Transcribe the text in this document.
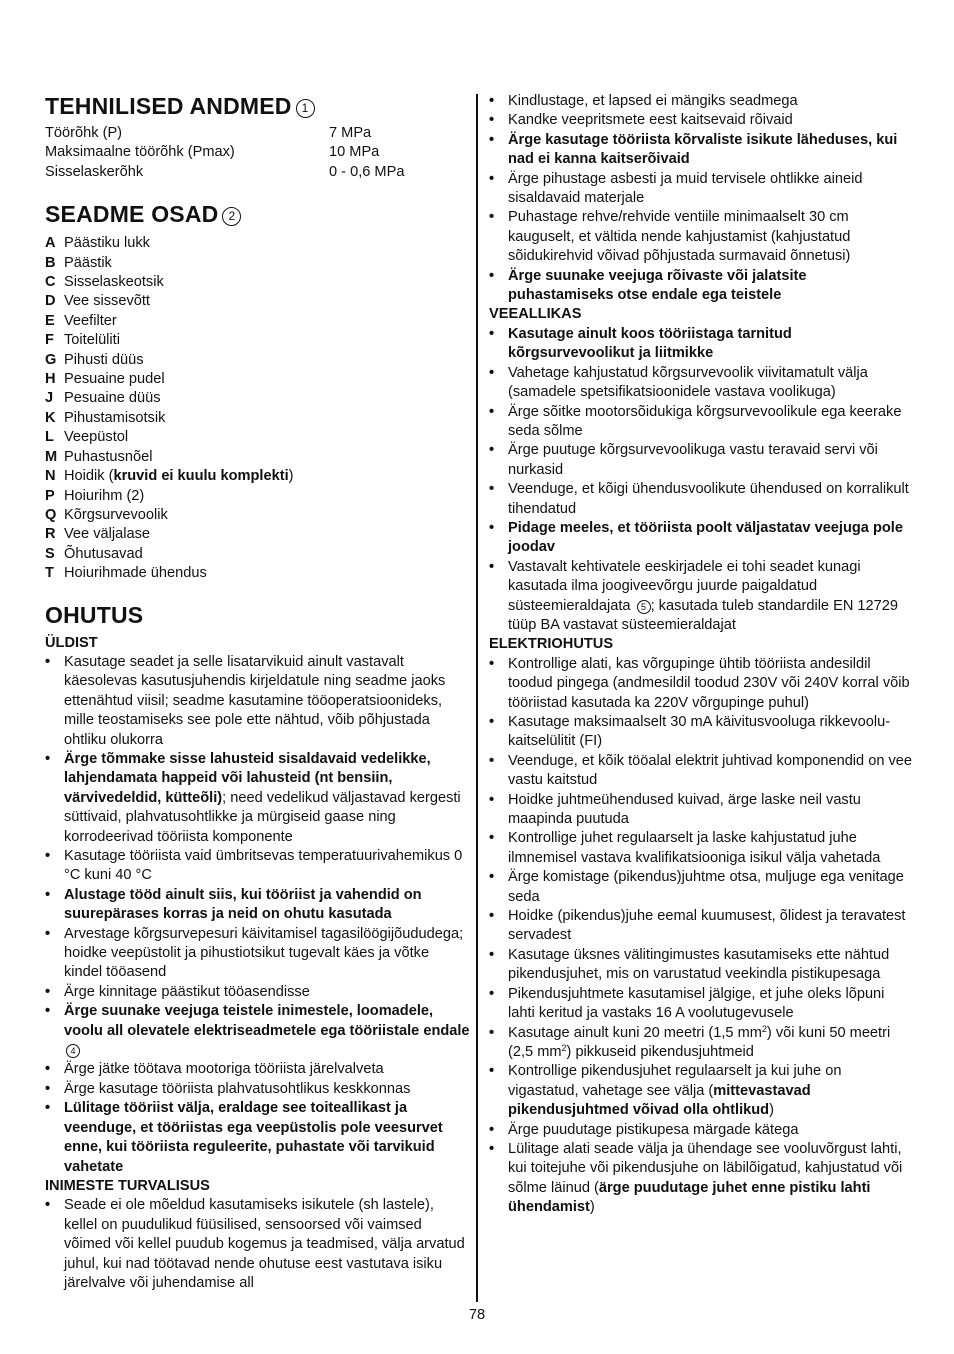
TEHNILISED ANDMED 1
Töörõhk (P)	7 MPa
Maksimaalne töörõhk (Pmax)	10 MPa
Sisselaskerõhk	0 - 0,6 MPa
SEADME OSAD 2
A Päästiku lukk
B Päästik
C Sisselaskeotsik
D Vee sissevõtt
E Veefilter
F Toitelüliti
G Pihusti düüs
H Pesuaine pudel
J Pesuaine düüs
K Pihustamisotsik
L Veepüstol
M Puhastusnõel
N Hoidik (kruvid ei kuulu komplekti)
P Hoiurihm (2)
Q Kõrgsurvevoolik
R Vee väljalase
S Õhutusavad
T Hoiurihmade ühendus
OHUTUS
ÜLDIST
• Kasutage seadet ja selle lisatarvikuid ainult vastavalt käesolevas kasutusjuhendis kirjeldatule ning seadme jaoks ettenähtud viisil; seadme kasutamine tööoperatsioonideks, mille teostamiseks see pole ette nähtud, võib põhjustada ohtliku olukorra
• Ärge tõmmake sisse lahusteid sisaldavaid vedelikke, lahjendamata happeid või lahusteid (nt bensiin, värvivedeldid, kütteõli); need vedelikud väljastavad kergesti süttivaid, plahvatusohtlikke ja mürgiseid gaase ning korrodeerivad tööriista komponente
• Kasutage tööriista vaid ümbritsevas temperatuurivahemikus 0 °C kuni 40 °C
• Alustage tööd ainult siis, kui tööriist ja vahendid on suurepärases korras ja neid on ohutu kasutada
• Arvestage kõrgsurvepesuri käivitamisel tagasilöögijõududega; hoidke veepüstolit ja pihustiotsikut tugevalt käes ja võtke kindel tööasend
• Ärge kinnitage päästikut tööasendisse
• Ärge suunake veejuga teistele inimestele, loomadele, voolu all olevatele elektriseadmetele ega tööriistale endale 4
• Ärge jätke töötava mootoriga tööriista järelvalveta
• Ärge kasutage tööriista plahvatusohtlikus keskkonnas
• Lülitage tööriist välja, eraldage see toiteallikast ja veenduge, et tööriistas ega veepüstolis pole veesurvet enne, kui tööriista reguleerite, puhastate või tarvikuid vahetate
INIMESTE TURVALISUS
• Seade ei ole mõeldud kasutamiseks isikutele (sh lastele), kellel on puudulikud füüsilised, sensoorsed või vaimsed võimed või kellel puudub kogemus ja teadmised, välja arvatud juhul, kui nad töötavad nende ohutuse eest vastutava isiku järelvalve või juhendamise all
• Kindlustage, et lapsed ei mängiks seadmega
• Kandke veepritsmete eest kaitsevaid rõivaid
• Ärge kasutage tööriista kõrvaliste isikute läheduses, kui nad ei kanna kaitserõivaid
• Ärge pihustage asbesti ja muid tervisele ohtlikke aineid sisaldavaid materjale
• Puhastage rehve/rehvide ventiile minimaalselt 30 cm kauguselt, et vältida nende kahjustamist (kahjustatud sõidukirehvid võivad põhjustada surmavaid õnnetusi)
• Ärge suunake veejuga rõivaste või jalatsite puhastamiseks otse endale ega teistele
VEEALLIKAS
• Kasutage ainult koos tööriistaga tarnitud kõrgsurvevoolikut ja liitmikke
• Vahetage kahjustatud kõrgsurvevoolik viivitamatult välja (samadele spetsifikatsioonidele vastava voolikuga)
• Ärge sõitke mootorsõidukiga kõrgsurvevoolikule ega keerake seda sõlme
• Ärge puutuge kõrgsurvevoolikuga vastu teravaid servi või nurkasid
• Veenduge, et kõigi ühendusvoolikute ühendused on korralikult tihendatud
• Pidage meeles, et tööriista poolt väljastatav veejuga pole joodav
• Vastavalt kehtivatele eeskirjadele ei tohi seadet kunagi kasutada ilma joogiveevõrgu juurde paigaldatud süsteemieraldajata 5 ; kasutada tuleb standardile EN 12729 tüüp BA vastavat süsteemieraldajat
ELEKTRIOHUTUS
• Kontrollige alati, kas võrgupinge ühtib tööriista andesildil toodud pingega (andmesildil toodud 230V või 240V korral võib tööriistad kasutada ka 220V võrgupinge puhul)
• Kasutage maksimaalselt 30 mA käivitusvooluga rikkevoolu-kaitselülitit (FI)
• Veenduge, et kõik tööalal elektrit juhtivad komponendid on vee vastu kaitstud
• Hoidke juhtmeühendused kuivad, ärge laske neil vastu maapinda puutuda
• Kontrollige juhet regulaarselt ja laske kahjustatud juhe ilmnemisel vastava kvalifikatsiooniga isikul välja vahetada
• Ärge komistage (pikendus)juhtme otsa, muljuge ega venitage seda
• Hoidke (pikendus)juhe eemal kuumusest, õlidest ja teravatest servadest
• Kasutage üksnes välitingimustes kasutamiseks ette nähtud pikendusjuhet, mis on varustatud veekindla pistikupesaga
• Pikendusjuhtmete kasutamisel jälgige, et juhe oleks lõpuni lahti keritud ja vastaks 16 A voolutugevusele
• Kasutage ainult kuni 20 meetri (1,5 $mm^2$) või kuni 50 meetri (2,5 $mm^2$) pikkuseid pikendusjuhtmeid
• Kontrollige pikendusjuhet regulaarselt ja kui juhe on vigastatud, vahetage see välja (mittevastavad pikendusjuhtmed võivad olla ohtlikud)
• Ärge puudutage pistikupesa märgade kätega
• Lülitage alati seade välja ja ühendage see vooluvõrgust lahti, kui toitejuhe või pikendusjuhe on läbilõigatud, kahjustatud või sõlme läinud (ärge puudutage juhet enne pistiku lahti ühendamist)
78
